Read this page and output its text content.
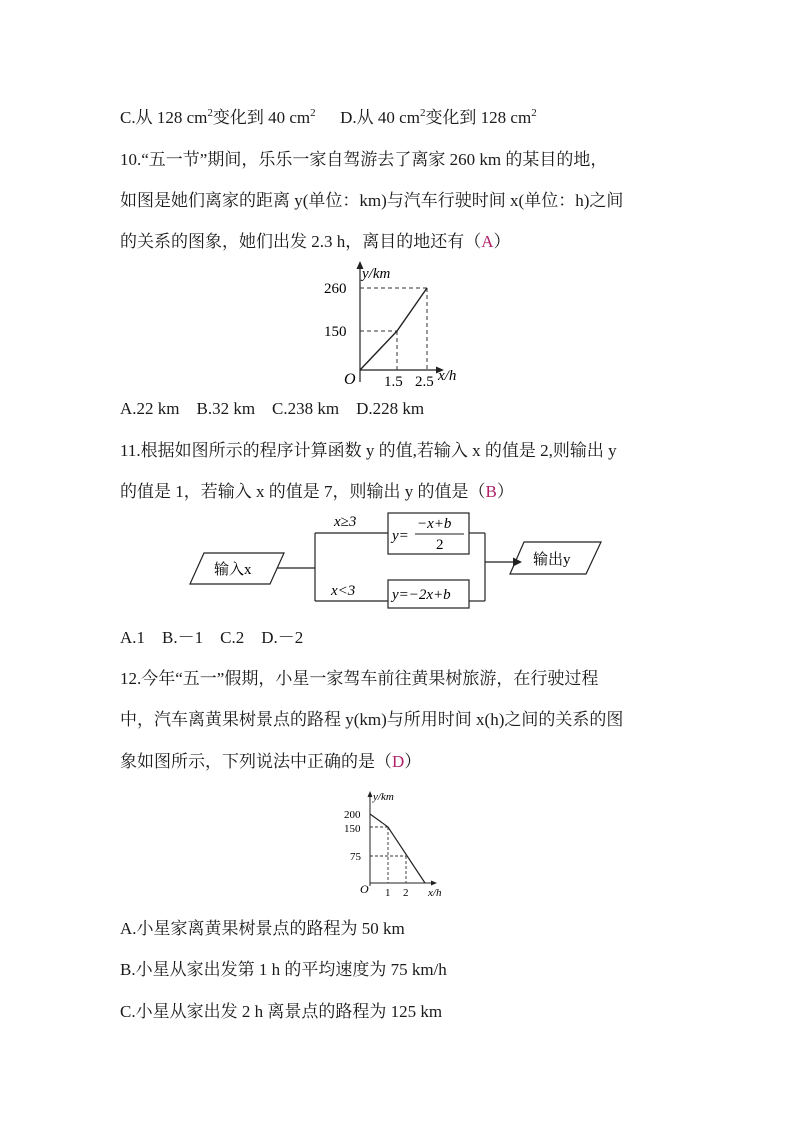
C.从 128 $cm^2$变化到 40 $cm^2$ D.从 40 $cm^2$变化到 128 $cm^2$
10.“五一节”期间，乐乐一家自驾游去了离家 260 km 的某目的地，
如图是她们离家的距离 y(单位：km)与汽车行驶时间 x(单位：h)之间
的关系的图象，她们出发 2.3 h，离目的地还有（A）
y/km
x/h
O
260
150
1.5 2.5
A.22 km    B.32 km    C.238 km    D.228 km
11.根据如图所示的程序计算函数 y 的值,若输入 x 的值是 2,则输出 y
的值是 1，若输入 x 的值是 7，则输出 y 的值是（B）
输入x
x≥3
y=
−x+b
2
x<3 y=−2x+b
输出y
A.1    B.－1    C.2    D.－2
12.今年“五一”假期，小星一家驾车前往黄果树旅游，在行驶过程
中，汽车离黄果树景点的路程 y(km)与所用时间 x(h)之间的关系的图
象如图所示，下列说法中正确的是（D）
y/km
x/h
O
200
150
75
1 2
A.小星家离黄果树景点的路程为 50 km
B.小星从家出发第 1 h 的平均速度为 75 km/h
C.小星从家出发 2 h 离景点的路程为 125 km
